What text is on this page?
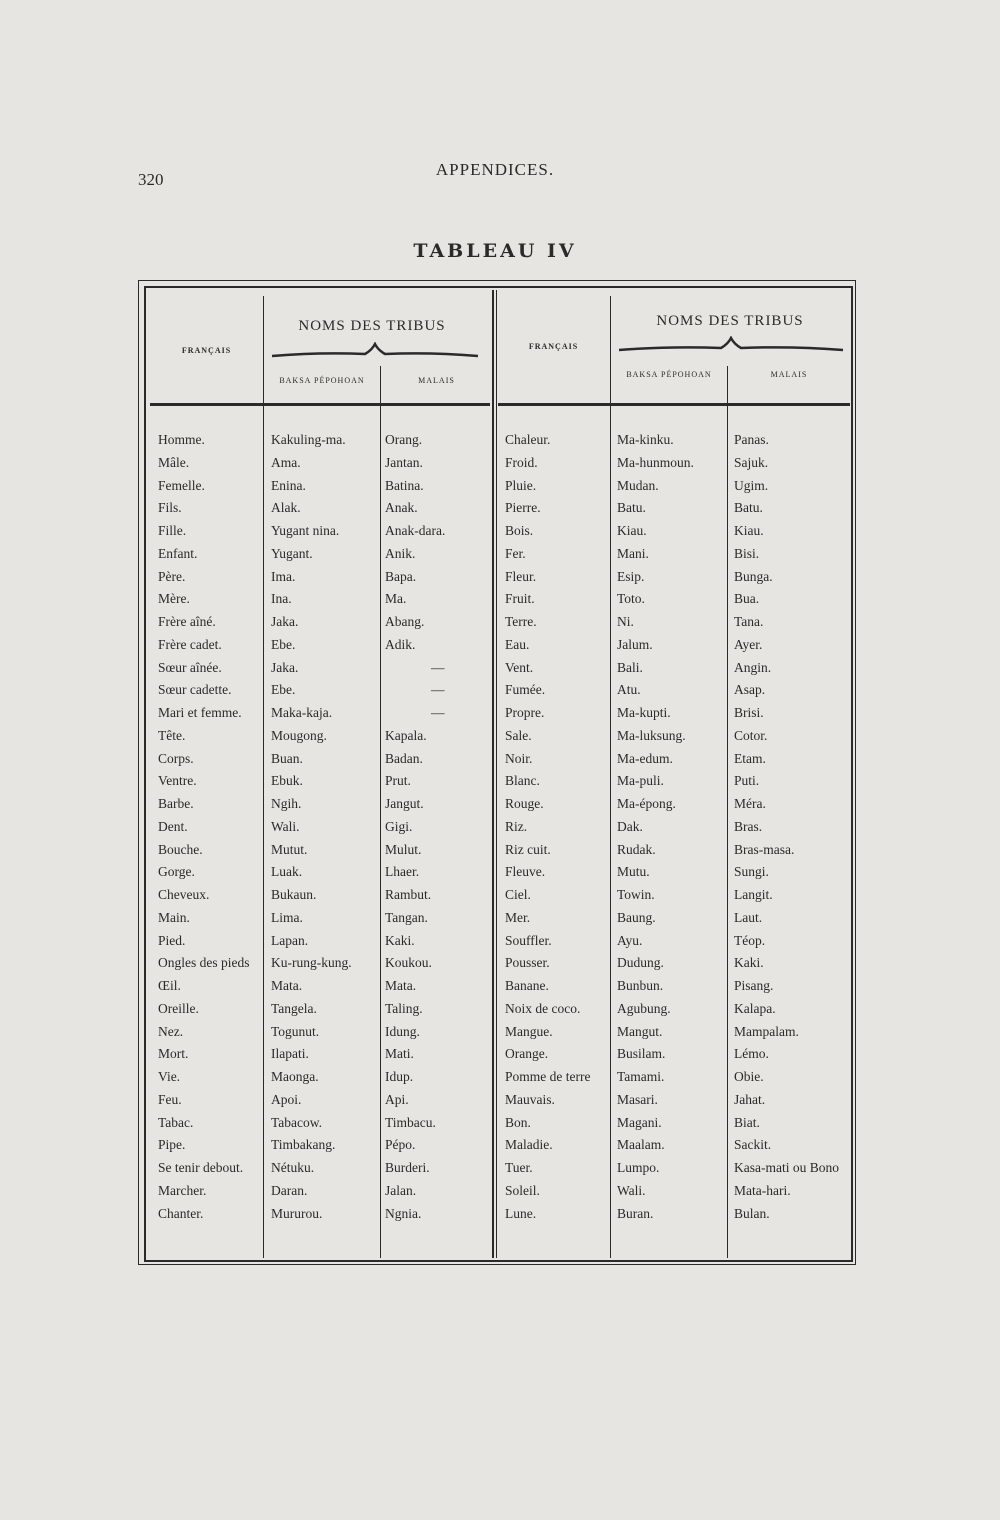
320
APPENDICES.
TABLEAU IV
FRANÇAIS
NOMS DES TRIBUS
BAKSA PÉPOHOAN	MALAIS
FRANÇAIS
NOMS DES TRIBUS
BAKSA PÉPOHOAN	MALAIS
Homme.
Mâle.
Femelle.
Fils.
Fille.
Enfant.
Père.
Mère.
Frère aîné.
Frère cadet.
Sœur aînée.
Sœur cadette.
Mari et femme.
Tête.
Corps.
Ventre.
Barbe.
Dent.
Bouche.
Gorge.
Cheveux.
Main.
Pied.
Ongles des pieds
Œil.
Oreille.
Nez.
Mort.
Vie.
Feu.
Tabac.
Pipe.
Se tenir debout.
Marcher.
Chanter.
Kakuling-ma.
Ama.
Enina.
Alak.
Yugant nina.
Yugant.
Ima.
Ina.
Jaka.
Ebe.
Jaka.
Ebe.
Maka-kaja.
Mougong.
Buan.
Ebuk.
Ngih.
Wali.
Mutut.
Luak.
Bukaun.
Lima.
Lapan.
Ku-rung-kung.
Mata.
Tangela.
Togunut.
Ilapati.
Maonga.
Apoi.
Tabacow.
Timbakang.
Nétuku.
Daran.
Mururou.
Orang.
Jantan.
Batina.
Anak.
Anak-dara.
Anik.
Bapa.
Ma.
Abang.
Adik.
—
—
—
Kapala.
Badan.
Prut.
Jangut.
Gigi.
Mulut.
Lhaer.
Rambut.
Tangan.
Kaki.
Koukou.
Mata.
Taling.
Idung.
Mati.
Idup.
Api.
Timbacu.
Pépo.
Burderi.
Jalan.
Ngnia.
Chaleur.
Froid.
Pluie.
Pierre.
Bois.
Fer.
Fleur.
Fruit.
Terre.
Eau.
Vent.
Fumée.
Propre.
Sale.
Noir.
Blanc.
Rouge.
Riz.
Riz cuit.
Fleuve.
Ciel.
Mer.
Souffler.
Pousser.
Banane.
Noix de coco.
Mangue.
Orange.
Pomme de terre
Mauvais.
Bon.
Maladie.
Tuer.
Soleil.
Lune.
Ma-kinku.
Ma-hunmoun.
Mudan.
Batu.
Kiau.
Mani.
Esip.
Toto.
Ni.
Jalum.
Bali.
Atu.
Ma-kupti.
Ma-luksung.
Ma-edum.
Ma-puli.
Ma-épong.
Dak.
Rudak.
Mutu.
Towin.
Baung.
Ayu.
Dudung.
Bunbun.
Agubung.
Mangut.
Busilam.
Tamami.
Masari.
Magani.
Maalam.
Lumpo.
Wali.
Buran.
Panas.
Sajuk.
Ugim.
Batu.
Kiau.
Bisi.
Bunga.
Bua.
Tana.
Ayer.
Angin.
Asap.
Brisi.
Cotor.
Etam.
Puti.
Méra.
Bras.
Bras-masa.
Sungi.
Langit.
Laut.
Téop.
Kaki.
Pisang.
Kalapa.
Mampalam.
Lémo.
Obie.
Jahat.
Biat.
Sackit.
Kasa-mati ou Bono
Mata-hari.
Bulan.
